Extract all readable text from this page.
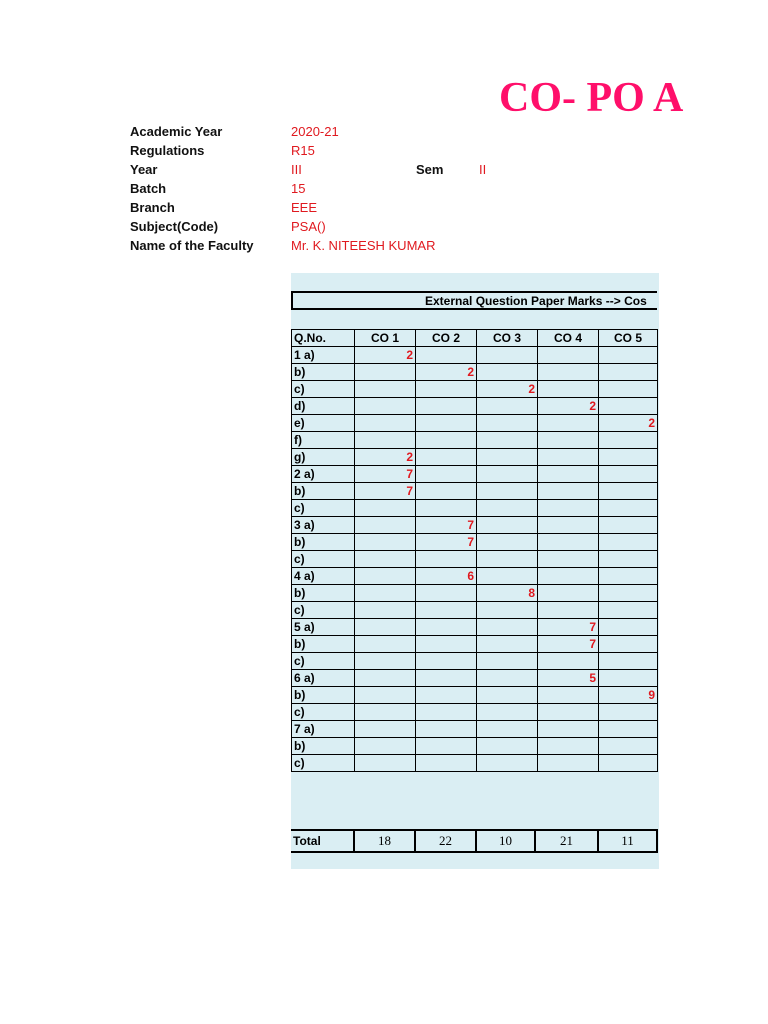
CO- PO A
Academic Year	2020-21
Regulations	R15
Year	III	Sem	II
Batch	15
Branch	EEE
Subject(Code)	PSA()
Name of the Faculty	Mr. K. NITEESH KUMAR
External Question Paper Marks --> Cos
Q.No.	CO 1	CO 2	CO 3	CO 4	CO 5
1 a)	2				
b)		2			
c)			2		
d)				2	
e)					2
f)					
g)	2				
2 a)	7				
b)	7				
c)					
3 a)		7			
b)		7			
c)					
4 a)		6			
b)			8		
c)					
5 a)				7	
b)				7	
c)					
6 a)				5	
b)					9
c)					
7 a)					
b)					
c)					
Total	18	22	10	21	11
